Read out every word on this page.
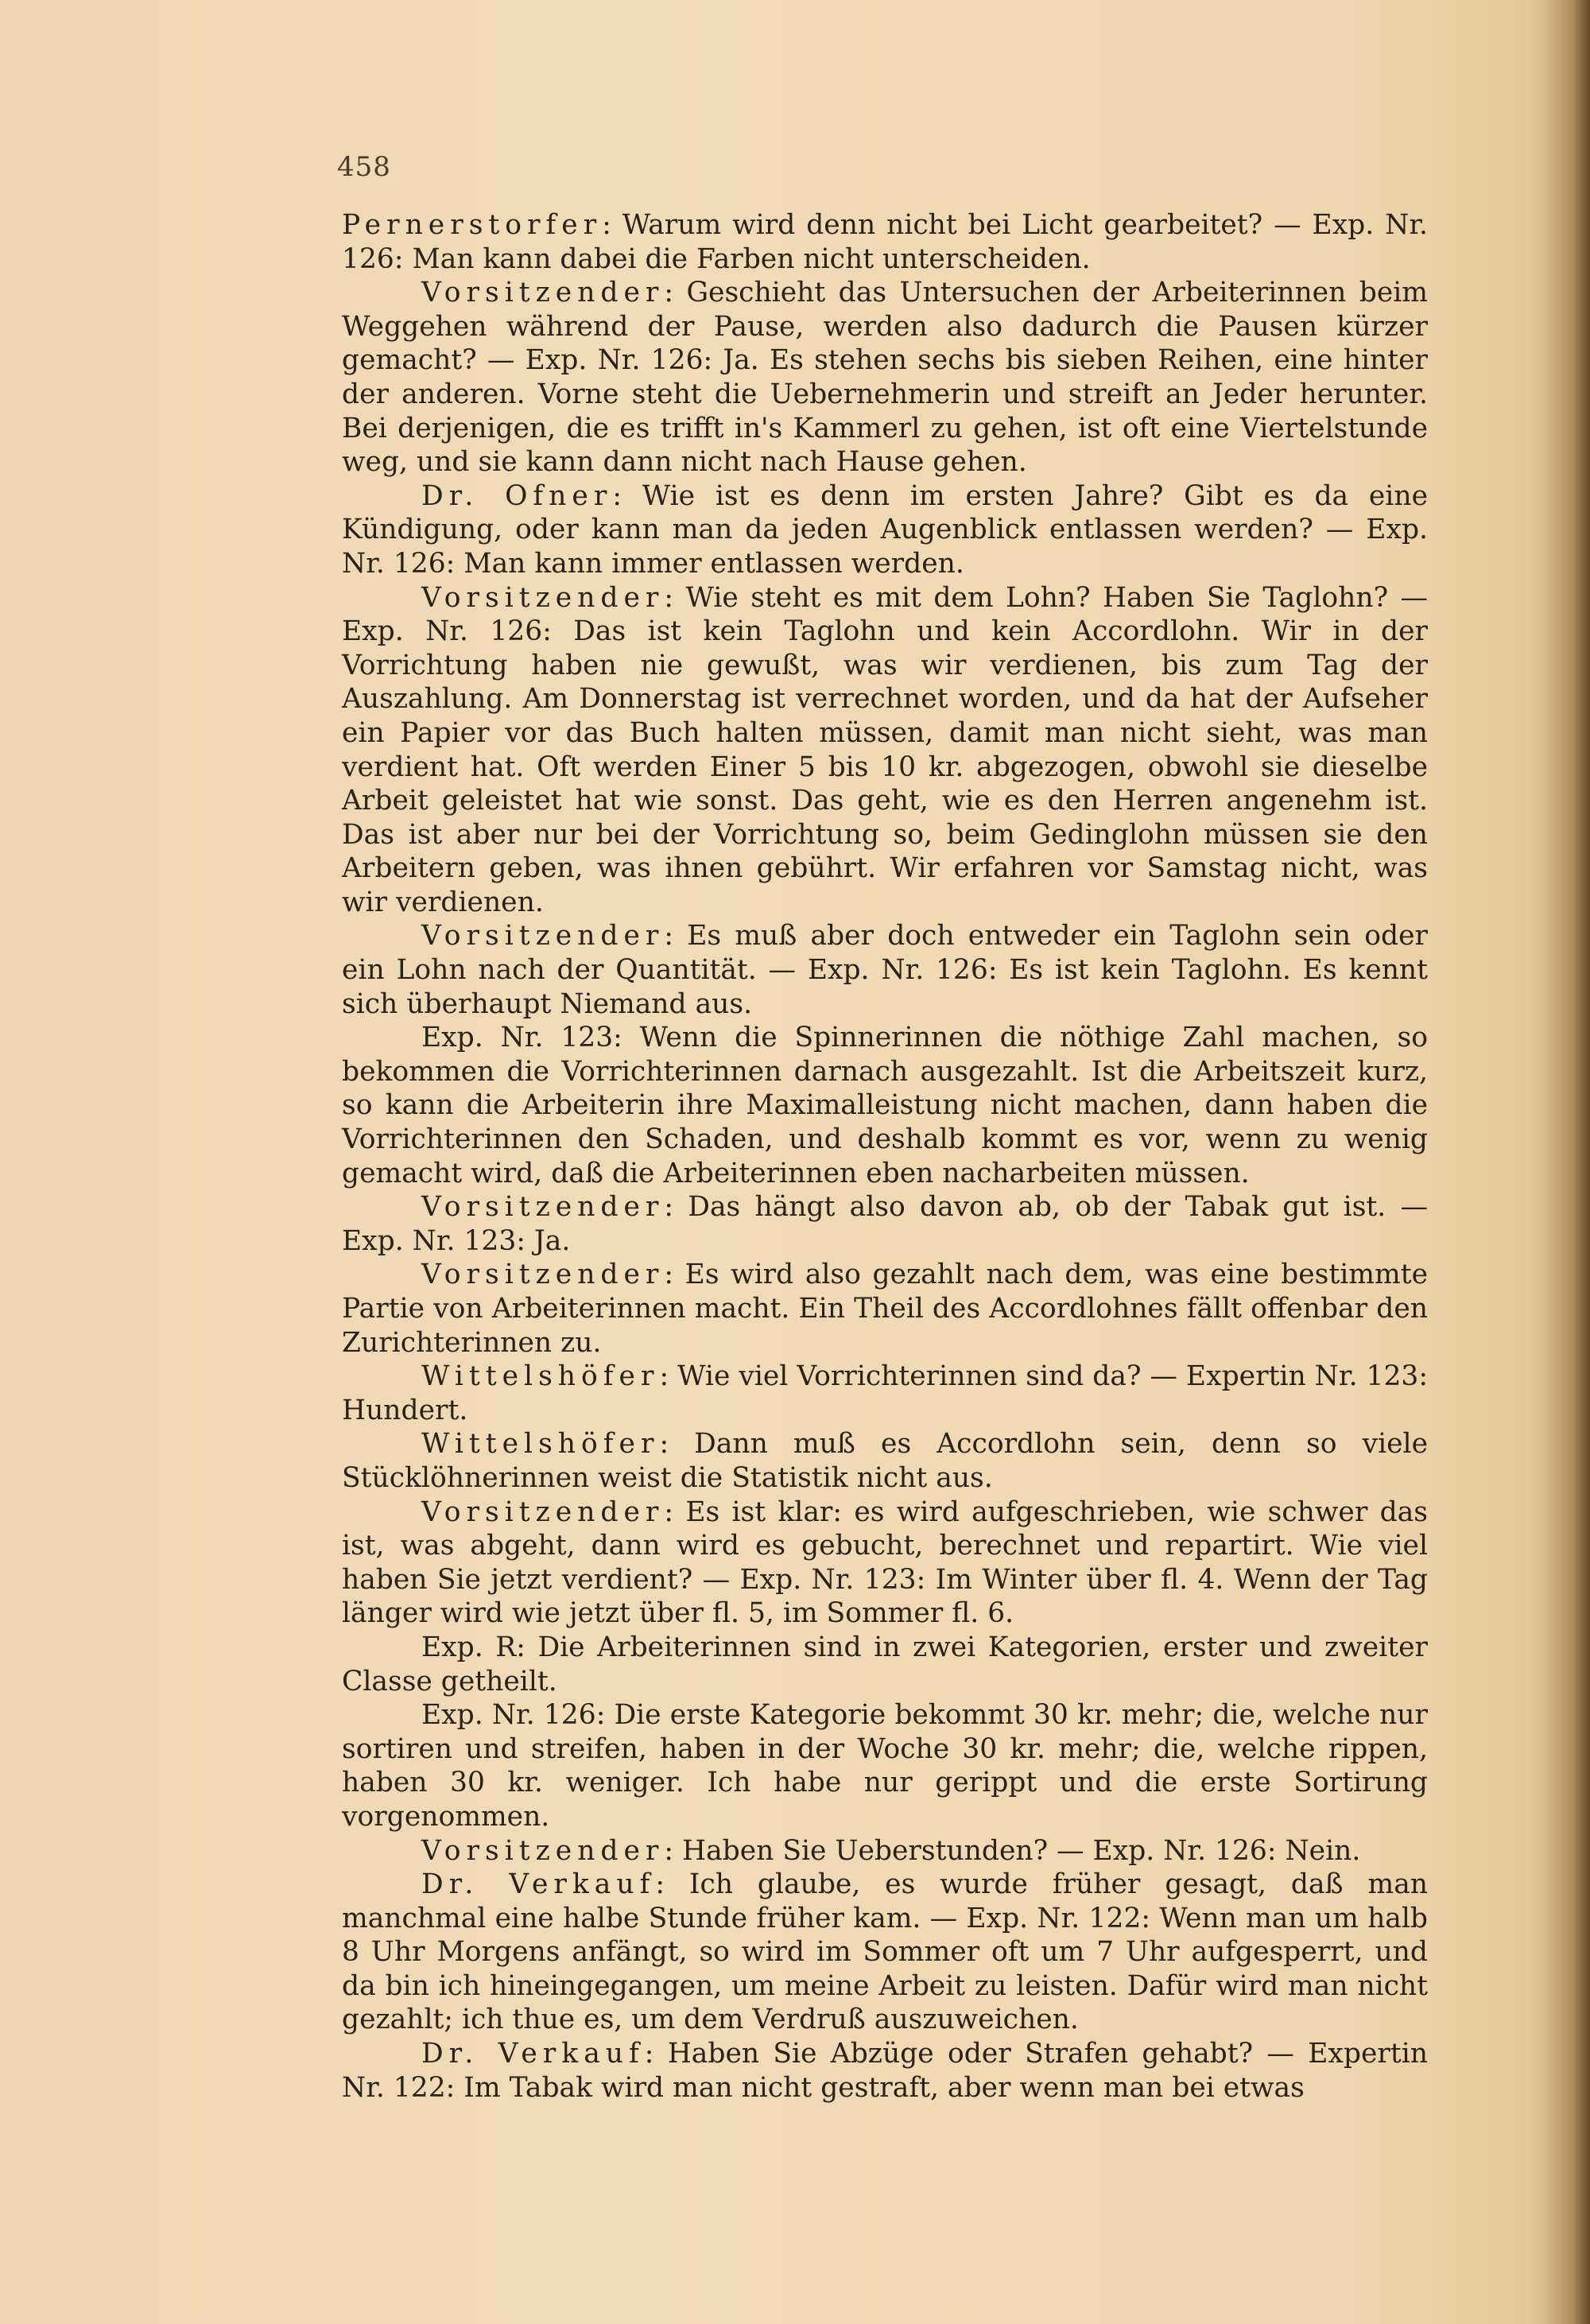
458

Pernerstorfer: Warum wird denn nicht bei Licht gearbeitet? — Exp. Nr. 126: Man kann dabei die Farben nicht unterscheiden.

Vorsitzender: Geschieht das Untersuchen der Arbeiterinnen beim Weggehen während der Pause, werden also dadurch die Pausen kürzer gemacht? — Exp. Nr. 126: Ja. Es stehen sechs bis sieben Reihen, eine hinter der anderen. Vorne steht die Uebernehmerin und streift an Jeder herunter. Bei derjenigen, die es trifft in's Kammerl zu gehen, ist oft eine Viertelstunde weg, und sie kann dann nicht nach Hause gehen.

Dr. Ofner: Wie ist es denn im ersten Jahre? Gibt es da eine Kündigung, oder kann man da jeden Augenblick entlassen werden? — Exp. Nr. 126: Man kann immer entlassen werden.

Vorsitzender: Wie steht es mit dem Lohn? Haben Sie Taglohn? — Exp. Nr. 126: Das ist kein Taglohn und kein Accordlohn. Wir in der Vorrichtung haben nie gewußt, was wir verdienen, bis zum Tag der Auszahlung. Am Donnerstag ist verrechnet worden, und da hat der Aufseher ein Papier vor das Buch halten müssen, damit man nicht sieht, was man verdient hat. Oft werden Einer 5 bis 10 kr. abgezogen, obwohl sie dieselbe Arbeit geleistet hat wie sonst. Das geht, wie es den Herren angenehm ist. Das ist aber nur bei der Vorrichtung so, beim Gedinglohn müssen sie den Arbeitern geben, was ihnen gebührt. Wir erfahren vor Samstag nicht, was wir verdienen.

Vorsitzender: Es muß aber doch entweder ein Taglohn sein oder ein Lohn nach der Quantität. — Exp. Nr. 126: Es ist kein Taglohn. Es kennt sich überhaupt Niemand aus.

Exp. Nr. 123: Wenn die Spinnerinnen die nöthige Zahl machen, so bekommen die Vorrichterinnen darnach ausgezahlt. Ist die Arbeitszeit kurz, so kann die Arbeiterin ihre Maximalleistung nicht machen, dann haben die Vorrichterinnen den Schaden, und deshalb kommt es vor, wenn zu wenig gemacht wird, daß die Arbeiterinnen eben nacharbeiten müssen.

Vorsitzender: Das hängt also davon ab, ob der Tabak gut ist. — Exp. Nr. 123: Ja.

Vorsitzender: Es wird also gezahlt nach dem, was eine bestimmte Partie von Arbeiterinnen macht. Ein Theil des Accordlohnes fällt offenbar den Zurichterinnen zu.

Wittelshöfer: Wie viel Vorrichterinnen sind da? — Expertin Nr. 123: Hundert.

Wittelshöfer: Dann muß es Accordlohn sein, denn so viele Stücklöhnerinnen weist die Statistik nicht aus.

Vorsitzender: Es ist klar: es wird aufgeschrieben, wie schwer das ist, was abgeht, dann wird es gebucht, berechnet und repartirt. Wie viel haben Sie jetzt verdient? — Exp. Nr. 123: Im Winter über fl. 4. Wenn der Tag länger wird wie jetzt über fl. 5, im Sommer fl. 6.

Exp. R: Die Arbeiterinnen sind in zwei Kategorien, erster und zweiter Classe getheilt.

Exp. Nr. 126: Die erste Kategorie bekommt 30 kr. mehr; die, welche nur sortiren und streifen, haben in der Woche 30 kr. mehr; die, welche rippen, haben 30 kr. weniger. Ich habe nur gerippt und die erste Sortirung vorgenommen.

Vorsitzender: Haben Sie Ueberstunden? — Exp. Nr. 126: Nein.

Dr. Verkauf: Ich glaube, es wurde früher gesagt, daß man manchmal eine halbe Stunde früher kam. — Exp. Nr. 122: Wenn man um halb 8 Uhr Morgens anfängt, so wird im Sommer oft um 7 Uhr aufgesperrt, und da bin ich hineingegangen, um meine Arbeit zu leisten. Dafür wird man nicht gezahlt; ich thue es, um dem Verdruß auszuweichen.

Dr. Verkauf: Haben Sie Abzüge oder Strafen gehabt? — Expertin Nr. 122: Im Tabak wird man nicht gestraft, aber wenn man bei etwas
